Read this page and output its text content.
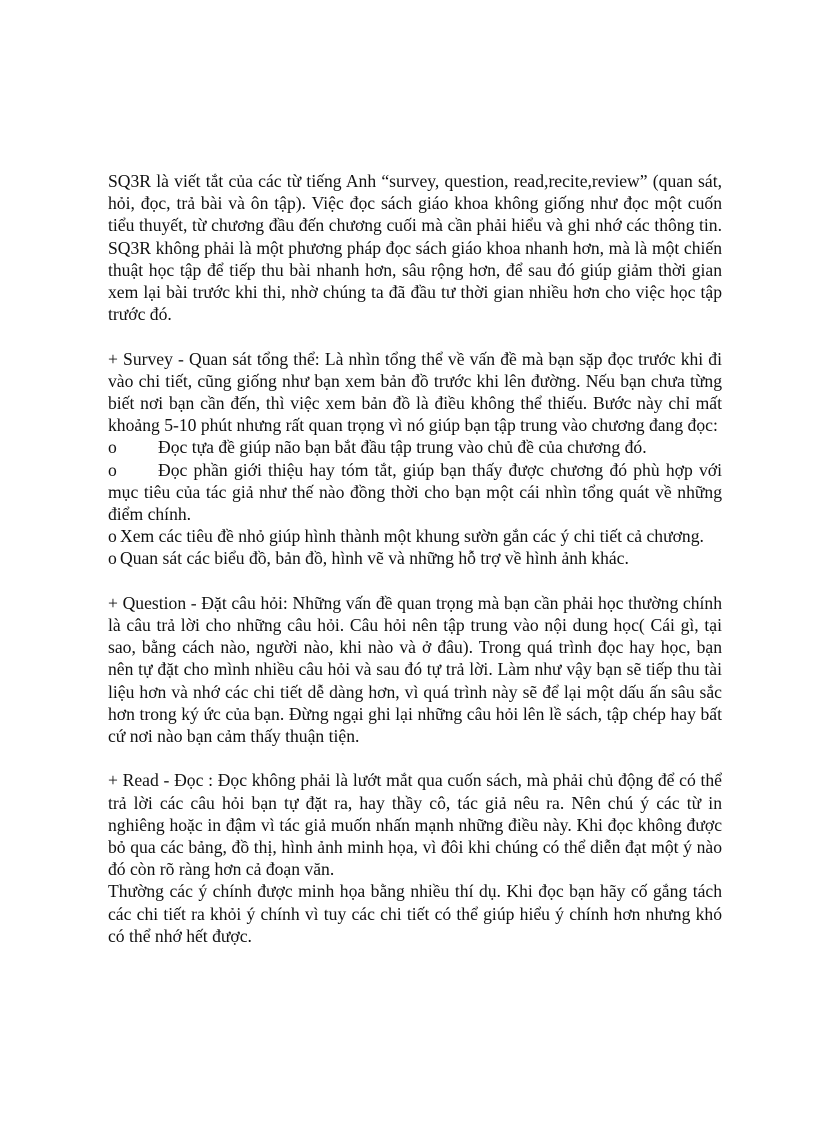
SQ3R là viết tắt của các từ tiếng Anh “survey, question, read,recite,review” (quan sát, hỏi, đọc, trả bài và ôn tập). Việc đọc sách giáo khoa không giống như đọc một cuốn tiểu thuyết, từ chương đầu đến chương cuối mà cần phải hiểu và ghi nhớ các thông tin. SQ3R không phải là một phương pháp đọc sách giáo khoa nhanh hơn, mà là một chiến thuật học tập để tiếp thu bài nhanh hơn, sâu rộng hơn, để sau đó giúp giảm thời gian xem lại bài trước khi thi, nhờ chúng ta đã đầu tư thời gian nhiều hơn cho việc học tập trước đó.

+ Survey - Quan sát tổng thể: Là nhìn tổng thể về vấn đề mà bạn sặp đọc trước khi đi vào chi tiết, cũng giống như bạn xem bản đồ trước khi lên đường. Nếu bạn chưa từng biết nơi bạn cần đến, thì việc xem bản đồ là điều không thể thiếu. Bước này chỉ mất khoảng 5-10 phút nhưng rất quan trọng vì nó giúp bạn tập trung vào chương đang đọc:

o Đọc tựa đề giúp não bạn bắt đầu tập trung vào chủ đề của chương đó.
o Đọc phần giới thiệu hay tóm tắt, giúp bạn thấy được chương đó phù hợp với mục tiêu của tác giả như thế nào đồng thời cho bạn một cái nhìn tổng quát về những điểm chính.
o Xem các tiêu đề nhỏ giúp hình thành một khung sườn gắn các ý chi tiết cả chương.
o Quan sát các biểu đồ, bản đồ, hình vẽ và những hỗ trợ về hình ảnh khác.

+ Question - Đặt câu hỏi: Những vấn đề quan trọng mà bạn cần phải học thường chính là câu trả lời cho những câu hỏi. Câu hỏi nên tập trung vào nội dung học( Cái gì, tại sao, bằng cách nào, người nào, khi nào và ở đâu). Trong quá trình đọc hay học, bạn nên tự đặt cho mình nhiều câu hỏi và sau đó tự trả lời. Làm như vậy bạn sẽ tiếp thu tài liệu hơn và nhớ các chi tiết dễ dàng hơn, vì quá trình này sẽ để lại một dấu ấn sâu sắc hơn trong ký ức của bạn. Đừng ngại ghi lại những câu hỏi lên lề sách, tập chép hay bất cứ nơi nào bạn cảm thấy thuận tiện.

+ Read - Đọc : Đọc không phải là lướt mắt qua cuốn sách, mà phải chủ động để có thể trả lời các câu hỏi bạn tự đặt ra, hay thầy cô, tác giả nêu ra. Nên chú ý các từ in nghiêng hoặc in đậm vì tác giả muốn nhấn mạnh những điều này. Khi đọc không được bỏ qua các bảng, đồ thị, hình ảnh minh họa, vì đôi khi chúng có thể diễn đạt một ý nào đó còn rõ ràng hơn cả đoạn văn.

Thường các ý chính được minh họa bằng nhiều thí dụ. Khi đọc bạn hãy cố gắng tách các chi tiết ra khỏi ý chính vì tuy các chi tiết có thể giúp hiểu ý chính hơn nhưng khó có thể nhớ hết được.
